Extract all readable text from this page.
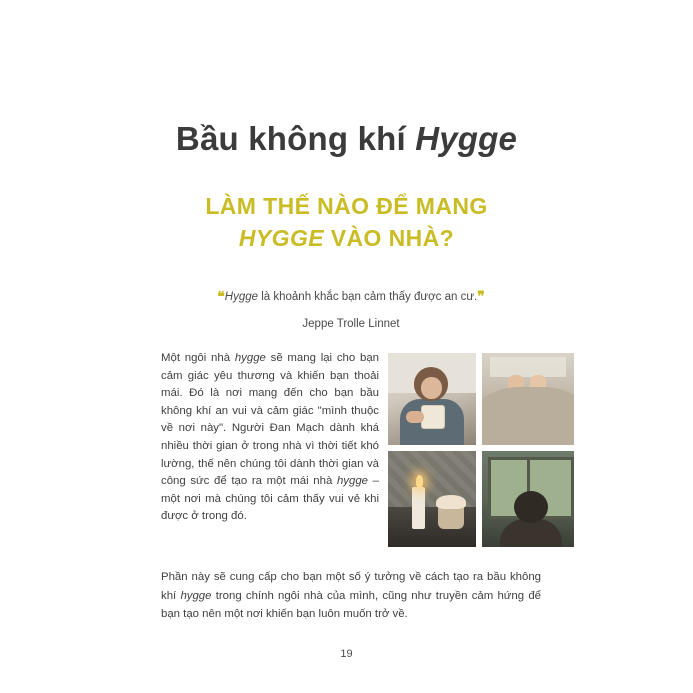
Bầu không khí Hygge
LÀM THẾ NÀO ĐỂ MANG
HYGGE VÀO NHÀ?
❝Hygge là khoảnh khắc bạn cảm thấy được an cư.❞
Jeppe Trolle Linnet
Một ngôi nhà hygge sẽ mang lại cho bạn cảm giác yêu thương và khiến bạn thoải mái. Đó là nơi mang đến cho bạn bầu không khí an vui và cảm giác "mình thuộc về nơi này". Người Đan Mạch dành khá nhiều thời gian ở trong nhà vì thời tiết khó lường, thế nên chúng tôi dành thời gian và công sức để tạo ra một mái nhà hygge – một nơi mà chúng tôi cảm thấy vui vẻ khi được ở trong đó.
Phần này sẽ cung cấp cho bạn một số ý tưởng về cách tạo ra bầu không khí hygge trong chính ngôi nhà của mình, cũng như truyền cảm hứng để bạn tạo nên một nơi khiến bạn luôn muốn trở về.
19
